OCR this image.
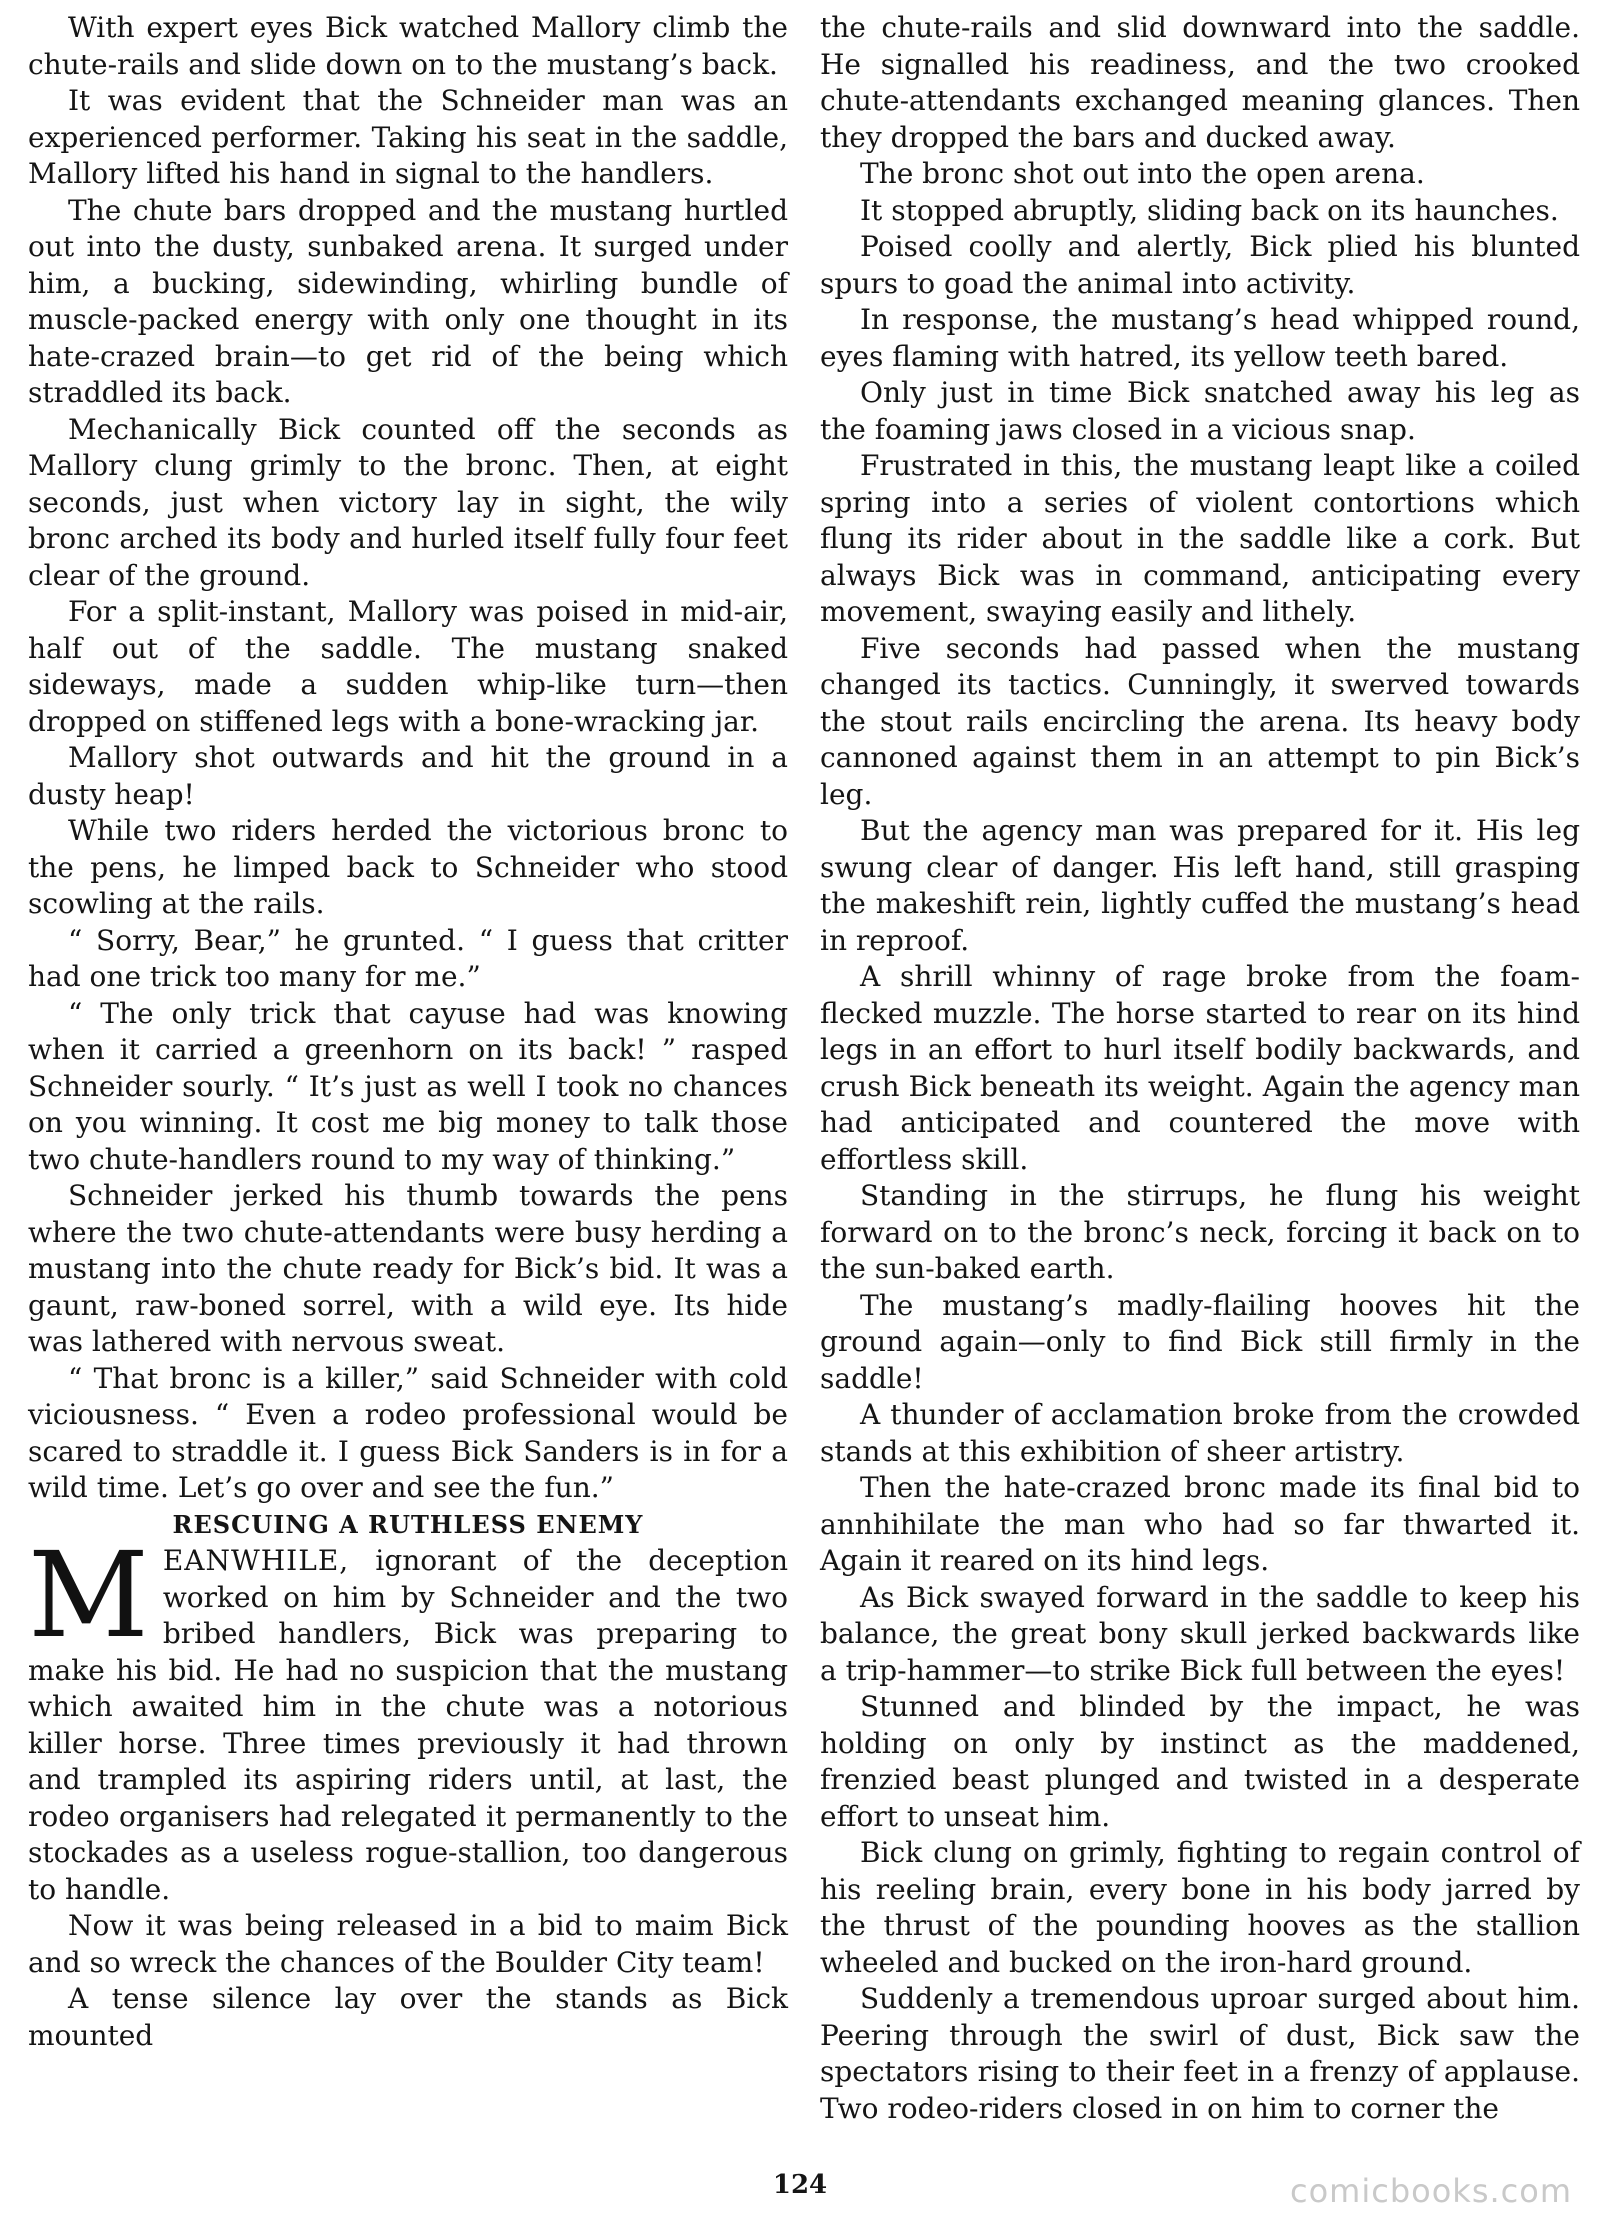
With expert eyes Bick watched Mallory climb the chute-rails and slide down on to the mustang’s back.

It was evident that the Schneider man was an experienced performer. Taking his seat in the saddle, Mallory lifted his hand in signal to the handlers.

The chute bars dropped and the mustang hurtled out into the dusty, sunbaked arena. It surged under him, a bucking, sidewinding, whirling bundle of muscle-packed energy with only one thought in its hate-crazed brain—to get rid of the being which straddled its back.

Mechanically Bick counted off the seconds as Mallory clung grimly to the bronc. Then, at eight seconds, just when victory lay in sight, the wily bronc arched its body and hurled itself fully four feet clear of the ground.

For a split-instant, Mallory was poised in mid-air, half out of the saddle. The mustang snaked sideways, made a sudden whip-like turn—then dropped on stiffened legs with a bone-wracking jar.

Mallory shot outwards and hit the ground in a dusty heap!

While two riders herded the victorious bronc to the pens, he limped back to Schneider who stood scowling at the rails.

“ Sorry, Bear,” he grunted. “ I guess that critter had one trick too many for me.”

“ The only trick that cayuse had was knowing when it carried a greenhorn on its back! ” rasped Schneider sourly. “ It’s just as well I took no chances on you winning. It cost me big money to talk those two chute-handlers round to my way of thinking.”

Schneider jerked his thumb towards the pens where the two chute-attendants were busy herding a mustang into the chute ready for Bick’s bid. It was a gaunt, raw-boned sorrel, with a wild eye. Its hide was lathered with nervous sweat.

“ That bronc is a killer,” said Schneider with cold viciousness. “ Even a rodeo professional would be scared to straddle it. I guess Bick Sanders is in for a wild time. Let’s go over and see the fun.”

RESCUING A RUTHLESS ENEMY

MEANWHILE, ignorant of the deception worked on him by Schneider and the two bribed handlers, Bick was preparing to make his bid. He had no suspicion that the mustang which awaited him in the chute was a notorious killer horse. Three times previously it had thrown and trampled its aspiring riders until, at last, the rodeo organisers had relegated it permanently to the stockades as a useless rogue-stallion, too dangerous to handle.

Now it was being released in a bid to maim Bick and so wreck the chances of the Boulder City team!

A tense silence lay over the stands as Bick mounted

the chute-rails and slid downward into the saddle. He signalled his readiness, and the two crooked chute-attendants exchanged meaning glances. Then they dropped the bars and ducked away.

The bronc shot out into the open arena.

It stopped abruptly, sliding back on its haunches.

Poised coolly and alertly, Bick plied his blunted spurs to goad the animal into activity.

In response, the mustang’s head whipped round, eyes flaming with hatred, its yellow teeth bared.

Only just in time Bick snatched away his leg as the foaming jaws closed in a vicious snap.

Frustrated in this, the mustang leapt like a coiled spring into a series of violent contortions which flung its rider about in the saddle like a cork. But always Bick was in command, anticipating every movement, swaying easily and lithely.

Five seconds had passed when the mustang changed its tactics. Cunningly, it swerved towards the stout rails encircling the arena. Its heavy body cannoned against them in an attempt to pin Bick’s leg.

But the agency man was prepared for it. His leg swung clear of danger. His left hand, still grasping the makeshift rein, lightly cuffed the mustang’s head in reproof.

A shrill whinny of rage broke from the foam-flecked muzzle. The horse started to rear on its hind legs in an effort to hurl itself bodily backwards, and crush Bick beneath its weight. Again the agency man had anticipated and countered the move with effortless skill.

Standing in the stirrups, he flung his weight forward on to the bronc’s neck, forcing it back on to the sun-baked earth.

The mustang’s madly-flailing hooves hit the ground again—only to find Bick still firmly in the saddle!

A thunder of acclamation broke from the crowded stands at this exhibition of sheer artistry.

Then the hate-crazed bronc made its final bid to annhihilate the man who had so far thwarted it. Again it reared on its hind legs.

As Bick swayed forward in the saddle to keep his balance, the great bony skull jerked backwards like a trip-hammer—to strike Bick full between the eyes!

Stunned and blinded by the impact, he was holding on only by instinct as the maddened, frenzied beast plunged and twisted in a desperate effort to unseat him.

Bick clung on grimly, fighting to regain control of his reeling brain, every bone in his body jarred by the thrust of the pounding hooves as the stallion wheeled and bucked on the iron-hard ground.

Suddenly a tremendous uproar surged about him. Peering through the swirl of dust, Bick saw the spectators rising to their feet in a frenzy of applause. Two rodeo-riders closed in on him to corner the

124	comicbooks.com
